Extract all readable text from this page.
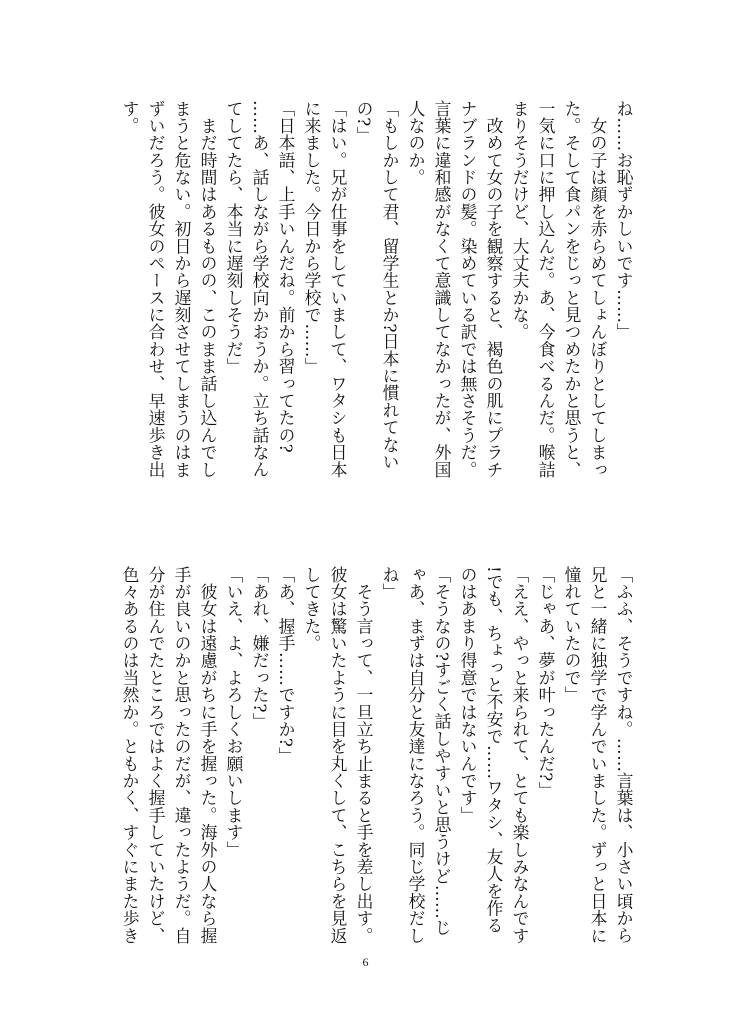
ね……お恥ずかしいです……」
　女の子は顔を赤らめてしょんぼりとしてしまっ
た。そして食パンをじっと見つめたかと思うと、
一気に口に押し込んだ。あ、今食べるんだ。喉詰
まりそうだけど、大丈夫かな。
　改めて女の子を観察すると、褐色の肌にプラチ
ナブランドの髪。染めている訳では無さそうだ。
言葉に違和感がなくて意識してなかったが、外国
人なのか。
「もしかして君、留学生とか?日本に慣れてない
の?」
「はい。兄が仕事をしていまして、ワタシも日本
に来ました。今日から学校で……」
「日本語、上手いんだね。前から習ってたの?
……あ、話しながら学校向かおうか。立ち話なん
てしてたら、本当に遅刻しそうだ」
　まだ時間はあるものの、このまま話し込んでし
まうと危ない。初日から遅刻させてしまうのはま
ずいだろう。彼女のペースに合わせ、早速歩き出
す。
「ふふ、そうですね。……言葉は、小さい頃から
兄と一緒に独学で学んでいました。ずっと日本に
憧れていたので」
「じゃあ、夢が叶ったんだ?」
「ええ、やっと来られて、とても楽しみなんです
!でも、ちょっと不安で……ワタシ、友人を作る
のはあまり得意ではないんです」
「そうなの?すごく話しやすいと思うけど……じ
ゃあ、まずは自分と友達になろう。同じ学校だし
ね」
　そう言って、一旦立ち止まると手を差し出す。
彼女は驚いたように目を丸くして、こちらを見返
してきた。
「あ、握手……ですか?」
「あれ、嫌だった?」
「いえ、よ、よろしくお願いします」
　彼女は遠慮がちに手を握った。海外の人なら握
手が良いのかと思ったのだが、違ったようだ。自
分が住んでたところではよく握手していたけど、
色々あるのは当然か。ともかく、すぐにまた歩き
6
